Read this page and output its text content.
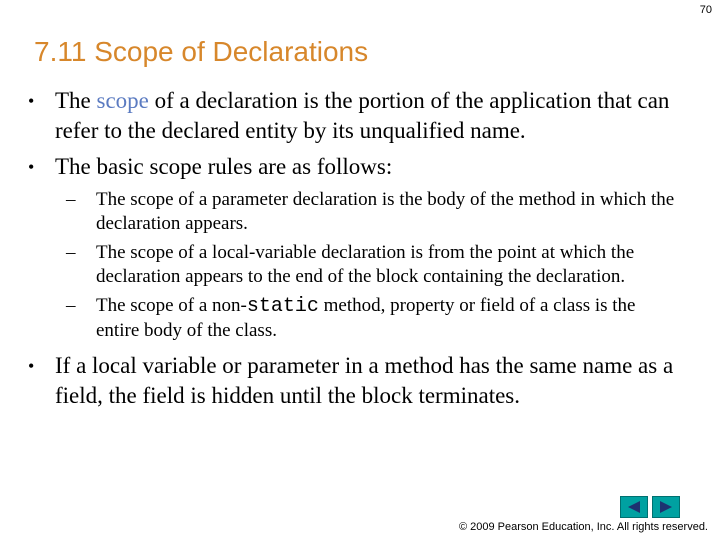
70
7.11 Scope of Declarations
• The scope of a declaration is the portion of the application that can refer to the declared entity by its unqualified name.
• The basic scope rules are as follows:
–	The scope of a parameter declaration is the body of the method in which the declaration appears.
–	The scope of a local-variable declaration is from the point at which the declaration appears to the end of the block containing the declaration.
–	The scope of a non-static method, property or field of a class is the entire body of the class.
• If a local variable or parameter in a method has the same name as a field, the field is hidden until the block terminates.
© 2009 Pearson Education, Inc. All rights reserved.
